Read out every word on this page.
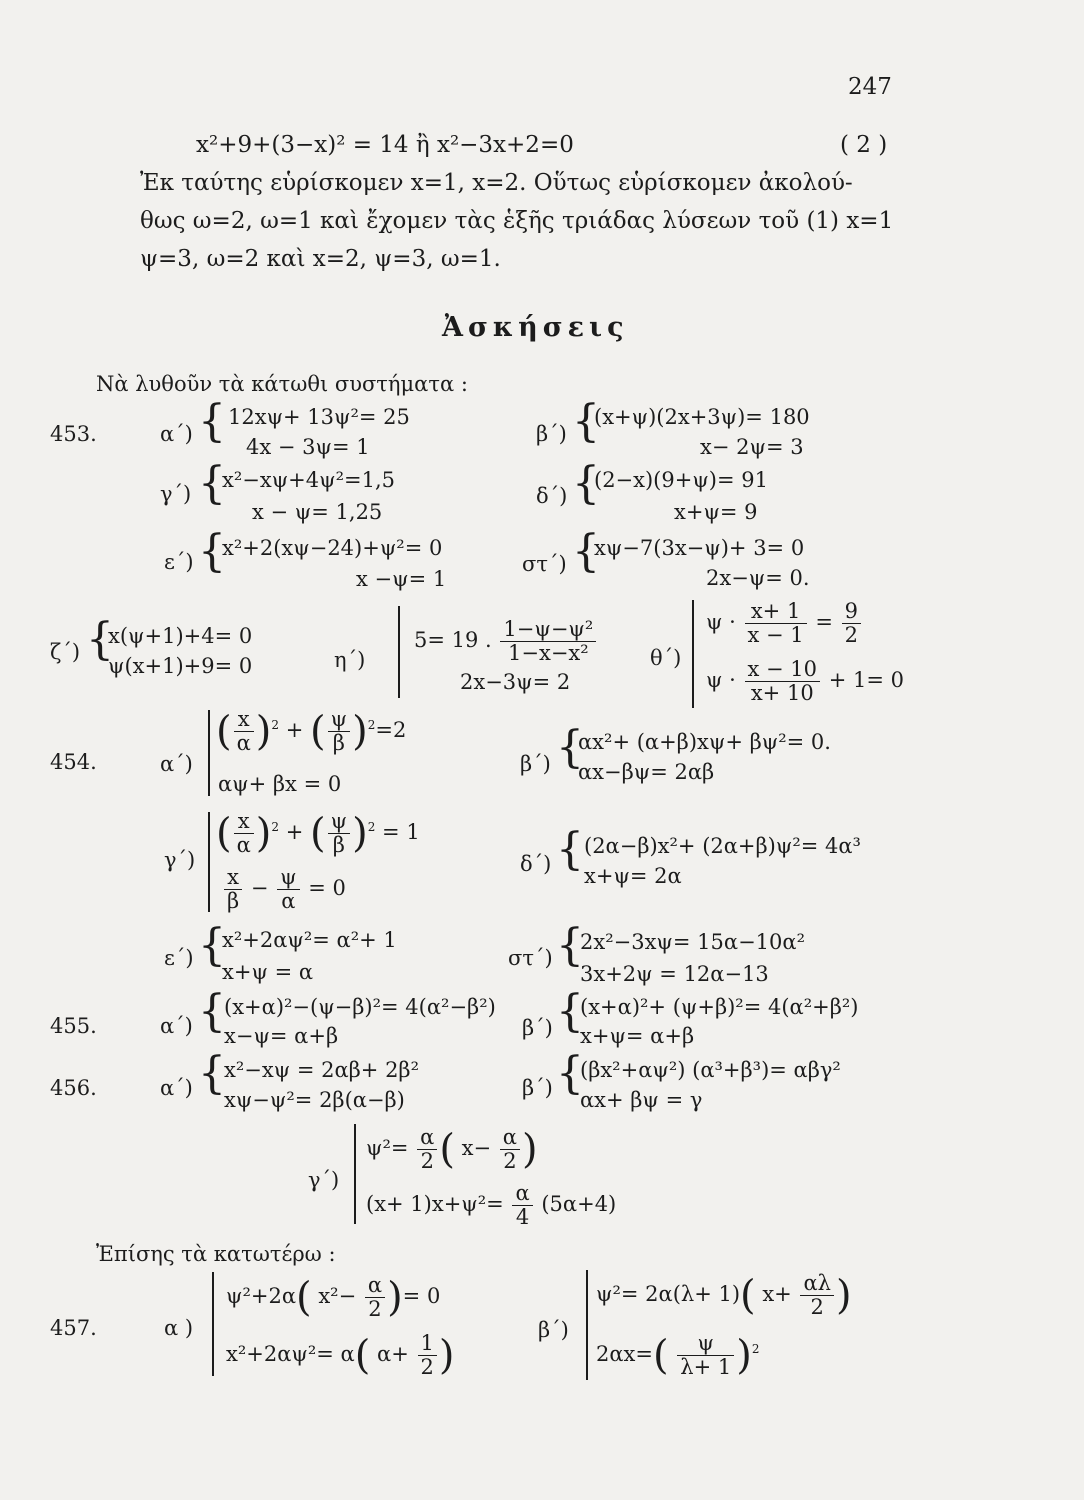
247
x²+9+(3−x)² = 14 ἢ x²−3x+2=0	( 2 )
Ἐκ ταύτης εὑρίσκομεν x=1, x=2. Οὕτως εὑρίσκομεν ἀκολού-
θως ω=2, ω=1 καὶ ἔχομεν τὰς ἑξῆς τριάδας λύσεων τοῦ (1) x=1
ψ=3, ω=2 καὶ x=2, ψ=3, ω=1.
Ἀσκήσεις
Νὰ λυθοῦν τὰ κάτωθι συστήματα :
453.	α΄) { 12xψ+ 13ψ²= 25
4x − 3ψ= 1
β΄) {
(x+ψ)(2x+3ψ)= 180
x− 2ψ= 3
γ΄) {
x²−xψ+4ψ²=1,5
x − ψ= 1,25
δ΄) {
(2−x)(9+ψ)= 91
x+ψ= 9
ε΄) {
x²+2(xψ−24)+ψ²= 0
x −ψ= 1
στ΄) {
xψ−7(3x−ψ)+ 3= 0
2x−ψ= 0.
ζ΄) {
x(ψ+1)+4= 0
ψ(x+1)+9= 0	η΄)
5= 19 . $\frac{\text{1−ψ−ψ²}}{\text{1−x−x²}}$
2x−3ψ= 2
θ΄)
$\psi \cdot \frac{x+ 1}{x - 1} = \frac{9}{2}$
$\psi \cdot \frac{x - 10}{x+ 10} + 1= 0$
454.	α΄)
( $\frac{x}{\alpha} )^2$ + ( $\frac{\psi}{\beta} )^2=2$
αψ+ βx = 0
β΄) {
αx²+ (α+β)xψ+ βψ²= 0.
αx−βψ= 2αβ
γ΄)
( $\frac{x}{\alpha} )^2$ + ( $\frac{\psi}{\beta} )^2 = 1$
$\frac{x}{\beta} - \frac{\psi}{\alpha} = 0$
δ΄) { (2α−β)x²+ (2α+β)ψ²= 4α³
x+ψ= 2α
ε΄) {
x²+2αψ²= α²+ 1
x+ψ = α
στ΄) {
2x²−3xψ= 15α−10α²
3x+2ψ = 12α−13
455.	α΄) {
(x+α)²−(ψ−β)²= 4(α²−β²)
x−ψ= α+β	β΄) {
(x+α)²+ (ψ+β)²= 4(α²+β²)
x+ψ= α+β
456.	α΄) {
x²−xψ = 2αβ+ 2β²
xψ−ψ²= 2β(α−β)	β΄) {
(βx²+αψ²) (α³+β³)= αβγ²
αx+ βψ = γ
γ΄)
$\psi^2= \frac{\alpha}{2}$ ( $x- \frac{\alpha}{2}$ )
$(x+ 1)x+\psi^2= \frac{\alpha}{4} (5\alpha+4)$
Ἐπίσης τὰ κατωτέρω :
457.	α )
ψ²+2α( $x^2- \frac{\alpha}{2}$ )= 0
x²+2αψ²= α( $\alpha+ \frac{1}{2}$ )
β΄)
ψ²= 2α(λ+ 1)( $x+ \frac{\alpha\lambda}{2}$ )
$2\alpha x=( \frac{\psi}{\lambda+ 1} )^2$
